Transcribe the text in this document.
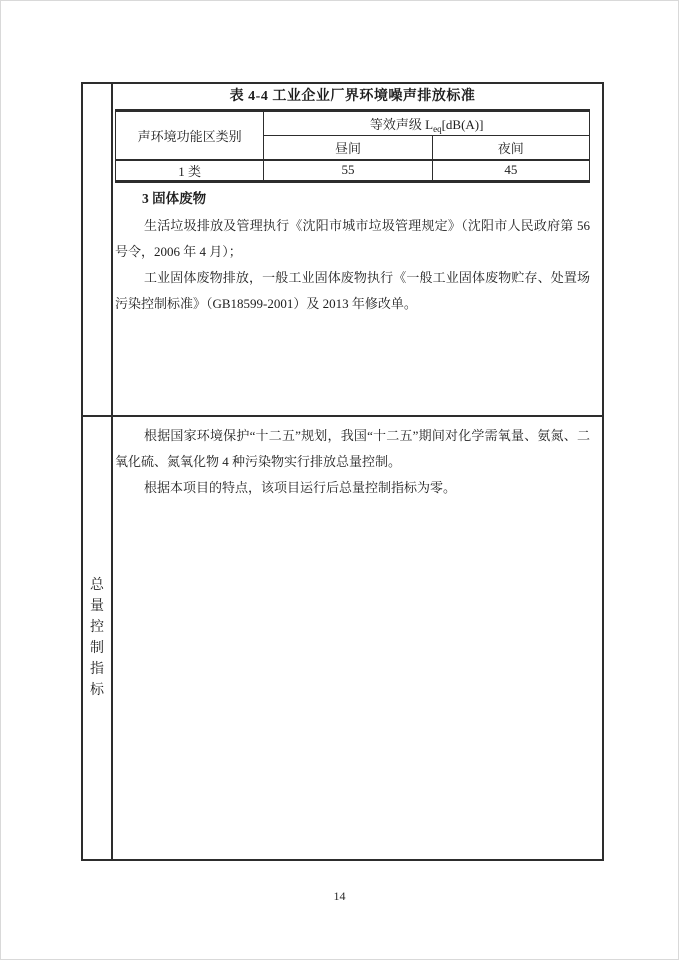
表 4-4 工业企业厂界环境噪声排放标准
声环境功能区类别	等效声级 $L_{eq}[dB(A)]$	
	昼间	夜间
1 类	55	45
3 固体废物

生活垃圾排放及管理执行《沈阳市城市垃圾管理规定》（沈阳市人民政府第 56 号令，2006 年 4 月）；

工业固体废物排放，一般工业固体废物执行《一般工业固体废物贮存、处置场污染控制标准》（GB18599-2001）及 2013 年修改单。

总量控制指标

根据国家环境保护“十二五”规划，我国“十二五”期间对化学需氧量、氨氮、二氧化硫、氮氧化物 4 种污染物实行排放总量控制。

根据本项目的特点，该项目运行后总量控制指标为零。

14
